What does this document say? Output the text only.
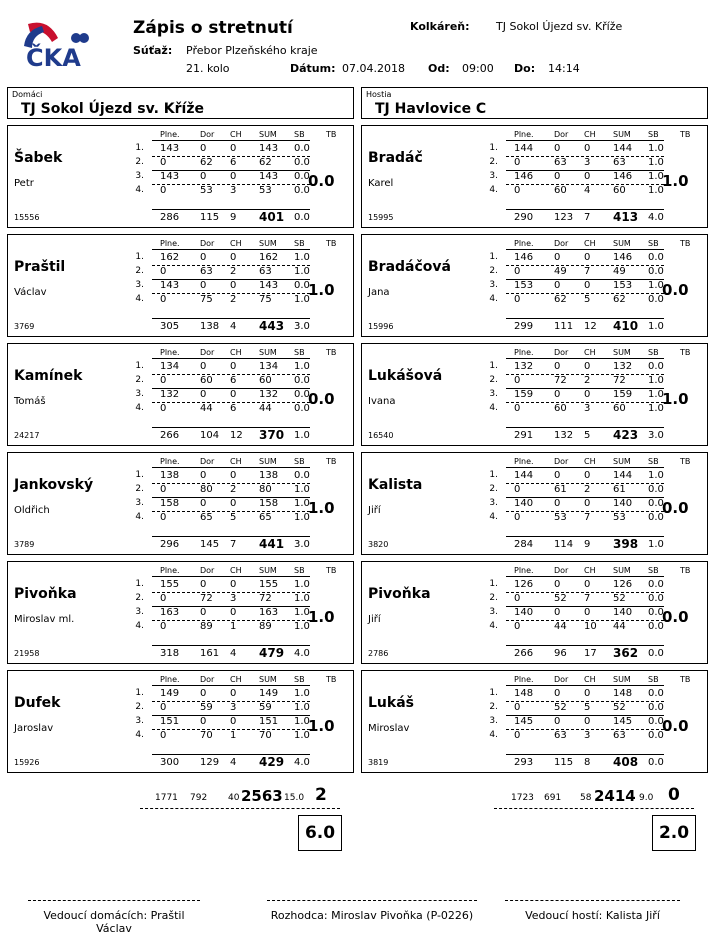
ČKA
Zápis o stretnutí
Súťaž: Přebor Plzeňského kraje
21. kolo	Dátum: 07.04.2018 Od: 09:00 Do: 14:14
Kolkáreň: TJ Sokol Újezd sv. Kříže
Domáci
TJ Sokol Újezd sv. Kříže
Hostia
TJ Havlovice C
Plne.	Dor CH SUM SB	TB
Šabek
Petr
15556
1. 143 0 0 143 0.0
2. 0	62 6 62 0.0
3. 143 0 0 143 0.0
4. 0	53 3 53 0.0
286 115 9 401 0.0
0.0
Plne.	Dor CH SUM SB	TB
Praštil
Václav
3769
1. 162 0 0 162 1.0
2. 0	63 2 63 1.0
3. 143 0 0 143 0.0
4. 0	75 2 75 1.0
305 138 4 443 3.0
1.0
Plne.	Dor CH SUM SB	TB
Kamínek
Tomáš
24217
1. 134 0 0 134 1.0
2. 0	60 6 60 0.0
3. 132 0 0 132 0.0
4. 0	44 6 44 0.0
266 104 12 370 1.0
0.0
Plne.	Dor CH SUM SB	TB
Jankovský
Oldřich
3789
1. 138 0 0 138 0.0
2. 0	80 2 80 1.0
3. 158 0 0 158 1.0
4. 0	65 5 65 1.0
296 145 7 441 3.0
1.0
Plne.	Dor CH SUM SB	TB
Pivoňka
Miroslav ml.
21958
1. 155 0 0 155 1.0
2. 0	72 3 72 1.0
3. 163 0 0 163 1.0
4. 0	89 1 89 1.0
318 161 4 479 4.0
1.0
Plne.	Dor CH SUM SB	TB
Dufek
Jaroslav
15926
1. 149 0 0 149 1.0
2. 0	59 3 59 1.0
3. 151 0 0 151 1.0
4. 0	70 1 70 1.0
300 129 4 429 4.0
1.0
Plne.	Dor CH SUM SB	TB
Bradáč
Karel
15995
1. 144 0 0 144 1.0
2. 0	63 3 63 1.0
3. 146 0 0 146 1.0
4. 0	60 4 60 1.0
290 123 7 413 4.0
1.0
Plne.	Dor CH SUM SB	TB
Bradáčová
Jana
15996
1. 146 0 0 146 0.0
2. 0	49 7 49 0.0
3. 153 0 0 153 1.0
4. 0	62 5 62 0.0
299 111 12 410 1.0
0.0
Plne.	Dor CH SUM SB	TB
Lukášová
Ivana
16540
1. 132 0 0 132 0.0
2. 0	72 2 72 1.0
3. 159 0 0 159 1.0
4. 0	60 3 60 1.0
291 132 5 423 3.0
1.0
Plne.	Dor CH SUM SB	TB
Kalista
Jiří
3820
1. 144 0 0 144 1.0
2. 0	61 2 61 0.0
3. 140 0 0 140 0.0
4. 0	53 7 53 0.0
284 114 9 398 1.0
0.0
Plne.	Dor CH SUM SB	TB
Pivoňka
Jiří
2786
1. 126 0 0 126 0.0
2. 0	52 7 52 0.0
3. 140 0 0 140 0.0
4. 0	44 10 44 0.0
266 96 17 362 0.0
0.0
Plne.	Dor CH SUM SB	TB
Lukáš
Miroslav
3819
1. 148 0 0 148 0.0
2. 0	52 5 52 0.0
3. 145 0 0 145 0.0
4. 0	63 3 63 0.0
293 115 8 408 0.0
0.0
1771 792 40 2563 15.0 2	1723 691 58 2414 9.0 0
6.0	2.0
Vedoucí domácích: Praštil Václav
Rozhodca: Miroslav Pivoňka (P-0226)	Vedoucí hostí: Kalista Jiří
